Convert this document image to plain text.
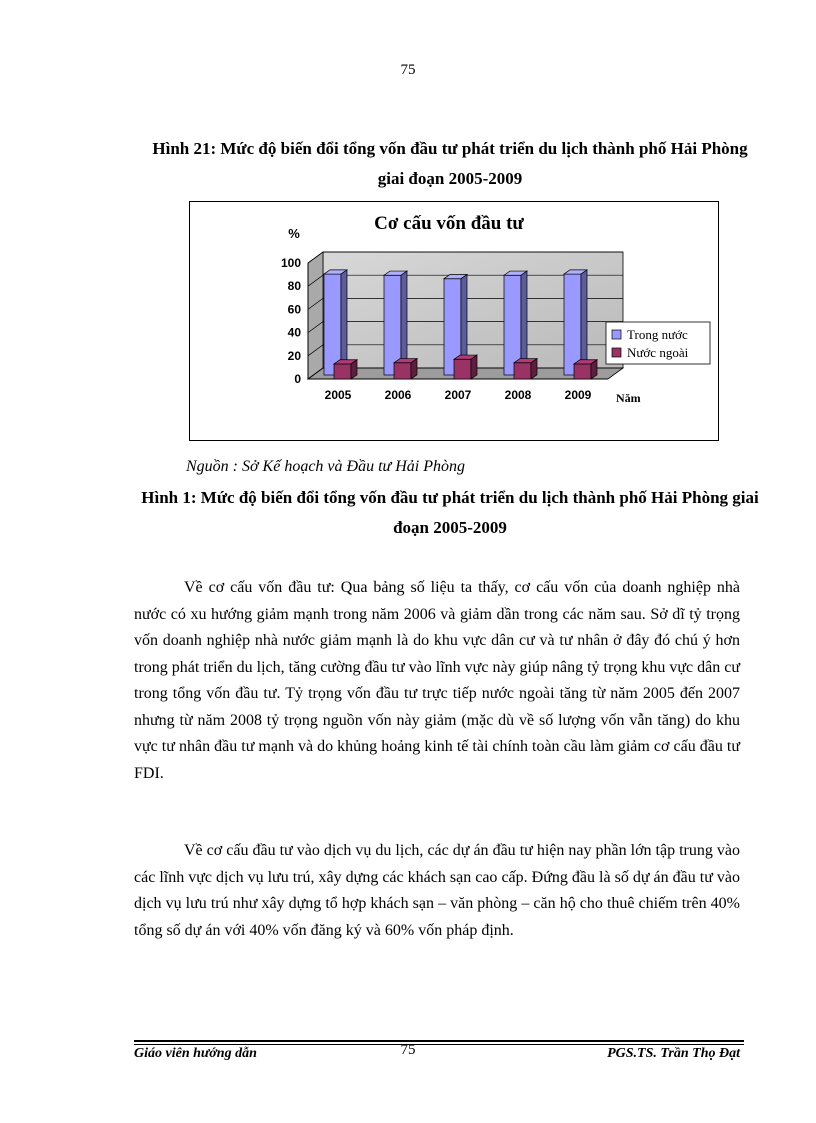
75
Hình 21: Mức độ biến đổi tổng vốn đầu tư phát triển du lịch thành phố Hải Phòng giai đoạn 2005-2009
Cơ cấu vốn đầu tư
%
Năm
0
20
40
60
80
100
2005	2006	2007	2008	2009
Trong nước
Nước ngoài
Nguồn : Sở Kế hoạch và Đầu tư Hải Phòng
Hình 1: Mức độ biến đổi tổng vốn đầu tư phát triển du lịch thành phố Hải Phòng giai đoạn 2005-2009

Về cơ cấu vốn đầu tư: Qua bảng số liệu ta thấy, cơ cấu vốn của doanh nghiệp nhà nước có xu hướng giảm mạnh trong năm 2006 và giảm dần trong các năm sau. Sở dĩ tỷ trọng vốn doanh nghiệp nhà nước giảm mạnh là do khu vực dân cư và tư nhân ở đây đó chú ý hơn trong phát triển du lịch, tăng cường đầu tư vào lĩnh vực này giúp nâng tỷ trọng khu vực dân cư trong tổng vốn đầu tư. Tỷ trọng vốn đầu tư trực tiếp nước ngoài tăng từ năm 2005 đến 2007 nhưng từ năm 2008 tỷ trọng nguồn vốn này giảm (mặc dù về số lượng vốn vẫn tăng) do khu vực tư nhân đầu tư mạnh và do khủng hoảng kinh tế tài chính toàn cầu làm giảm cơ cấu đầu tư FDI.

Về cơ cấu đầu tư vào dịch vụ du lịch, các dự án đầu tư hiện nay phần lớn tập trung vào các lĩnh vực dịch vụ lưu trú, xây dựng các khách sạn cao cấp. Đứng đầu là số dự án đầu tư vào dịch vụ lưu trú như xây dựng tổ hợp khách sạn – văn phòng – căn hộ cho thuê chiếm trên 40% tổng số dự án với 40% vốn đăng ký và 60% vốn pháp định.

Giáo viên hướng dẫn	75	PGS.TS. Trần Thọ Đạt
